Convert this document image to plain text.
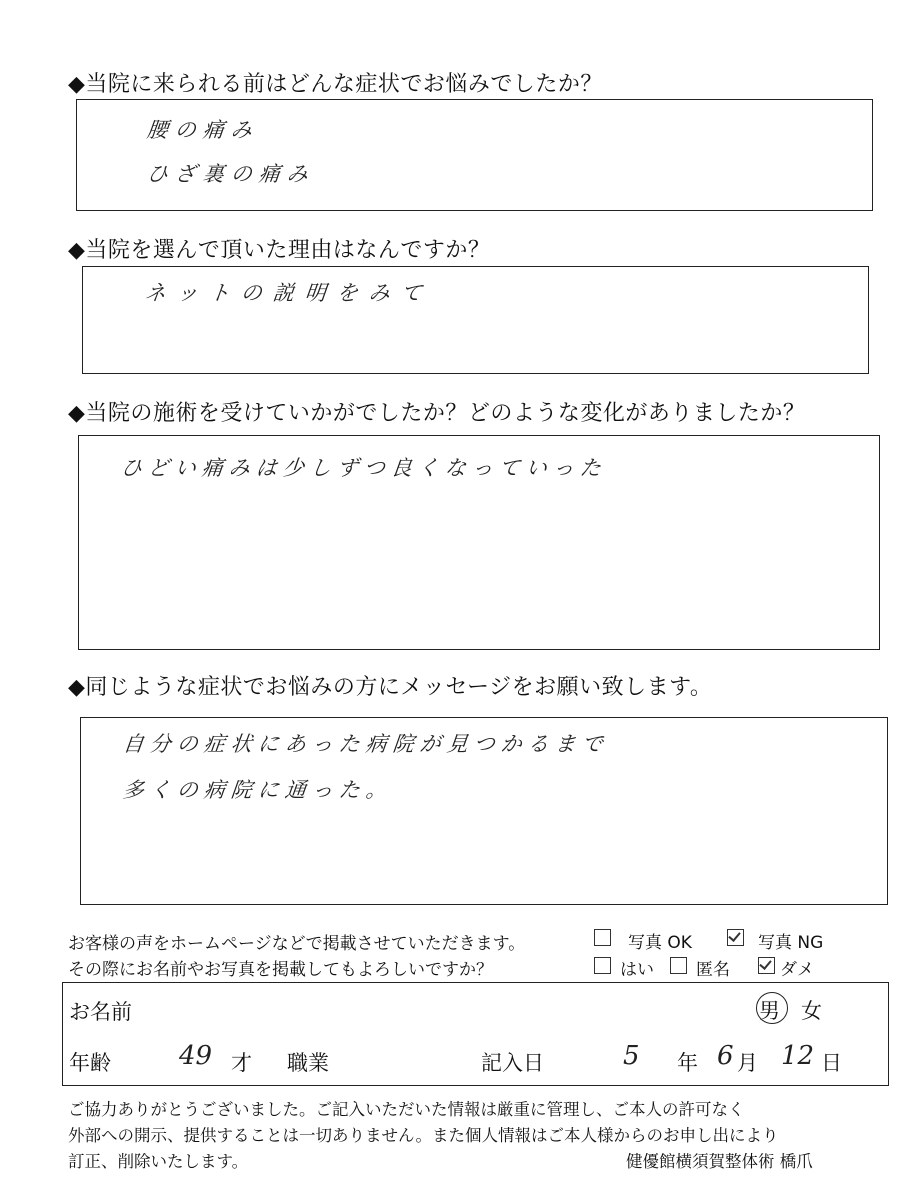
◆当院に来られる前はどんな症状でお悩みでしたか？
腰の痛み
ひざ裏の痛み
◆当院を選んで頂いた理由はなんですか？
ネットの説明をみて
◆当院の施術を受けていかがでしたか？どのような変化がありましたか？
ひどい痛みは少しずつ良くなっていった
◆同じような症状でお悩みの方にメッセージをお願い致します。
自分の症状にあった病院が見つかるまで
多くの病院に通った。
お客様の声をホームページなどで掲載させていただきます。
その際にお名前やお写真を掲載してもよろしいですか？
写真 OK	写真 NG
はい 匿名	ダメ
お名前	男 女
年齢	49 才 職業	記入日	5 年 6 月 12 日
ご協力ありがとうございました。ご記入いただいた情報は厳重に管理し、ご本人の許可なく
外部への開示、提供することは一切ありません。また個人情報はご本人様からのお申し出により
訂正、削除いたします。	健優館横須賀整体術 橋爪
